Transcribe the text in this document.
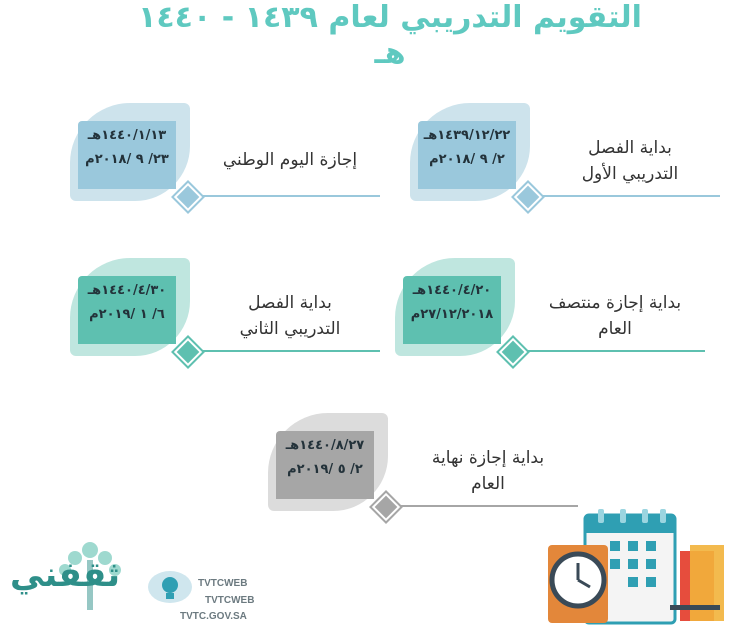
التقويم التدريبي لعام ١٤٣٩ - ١٤٤٠ هـ
بداية الفصل
التدريبي الأول
١٤٣٩/١٢/٢٢هـ
٢/ ٩ /٢٠١٨م
إجازة اليوم الوطني
١٤٤٠/١/١٣هـ
٢٣/ ٩ /٢٠١٨م
بداية إجازة منتصف
العام
١٤٤٠/٤/٢٠هـ
٢٧/١٢/٢٠١٨م
بداية الفصل
التدريبي الثاني
١٤٤٠/٤/٣٠هـ
٦/ ١ /٢٠١٩م
بداية إجازة نهاية
العام
١٤٤٠/٨/٢٧هـ
٢/ ٥ /٢٠١٩م
ثقفني	TVTCWEB
TVTCWEB
TVTC.GOV.SA
